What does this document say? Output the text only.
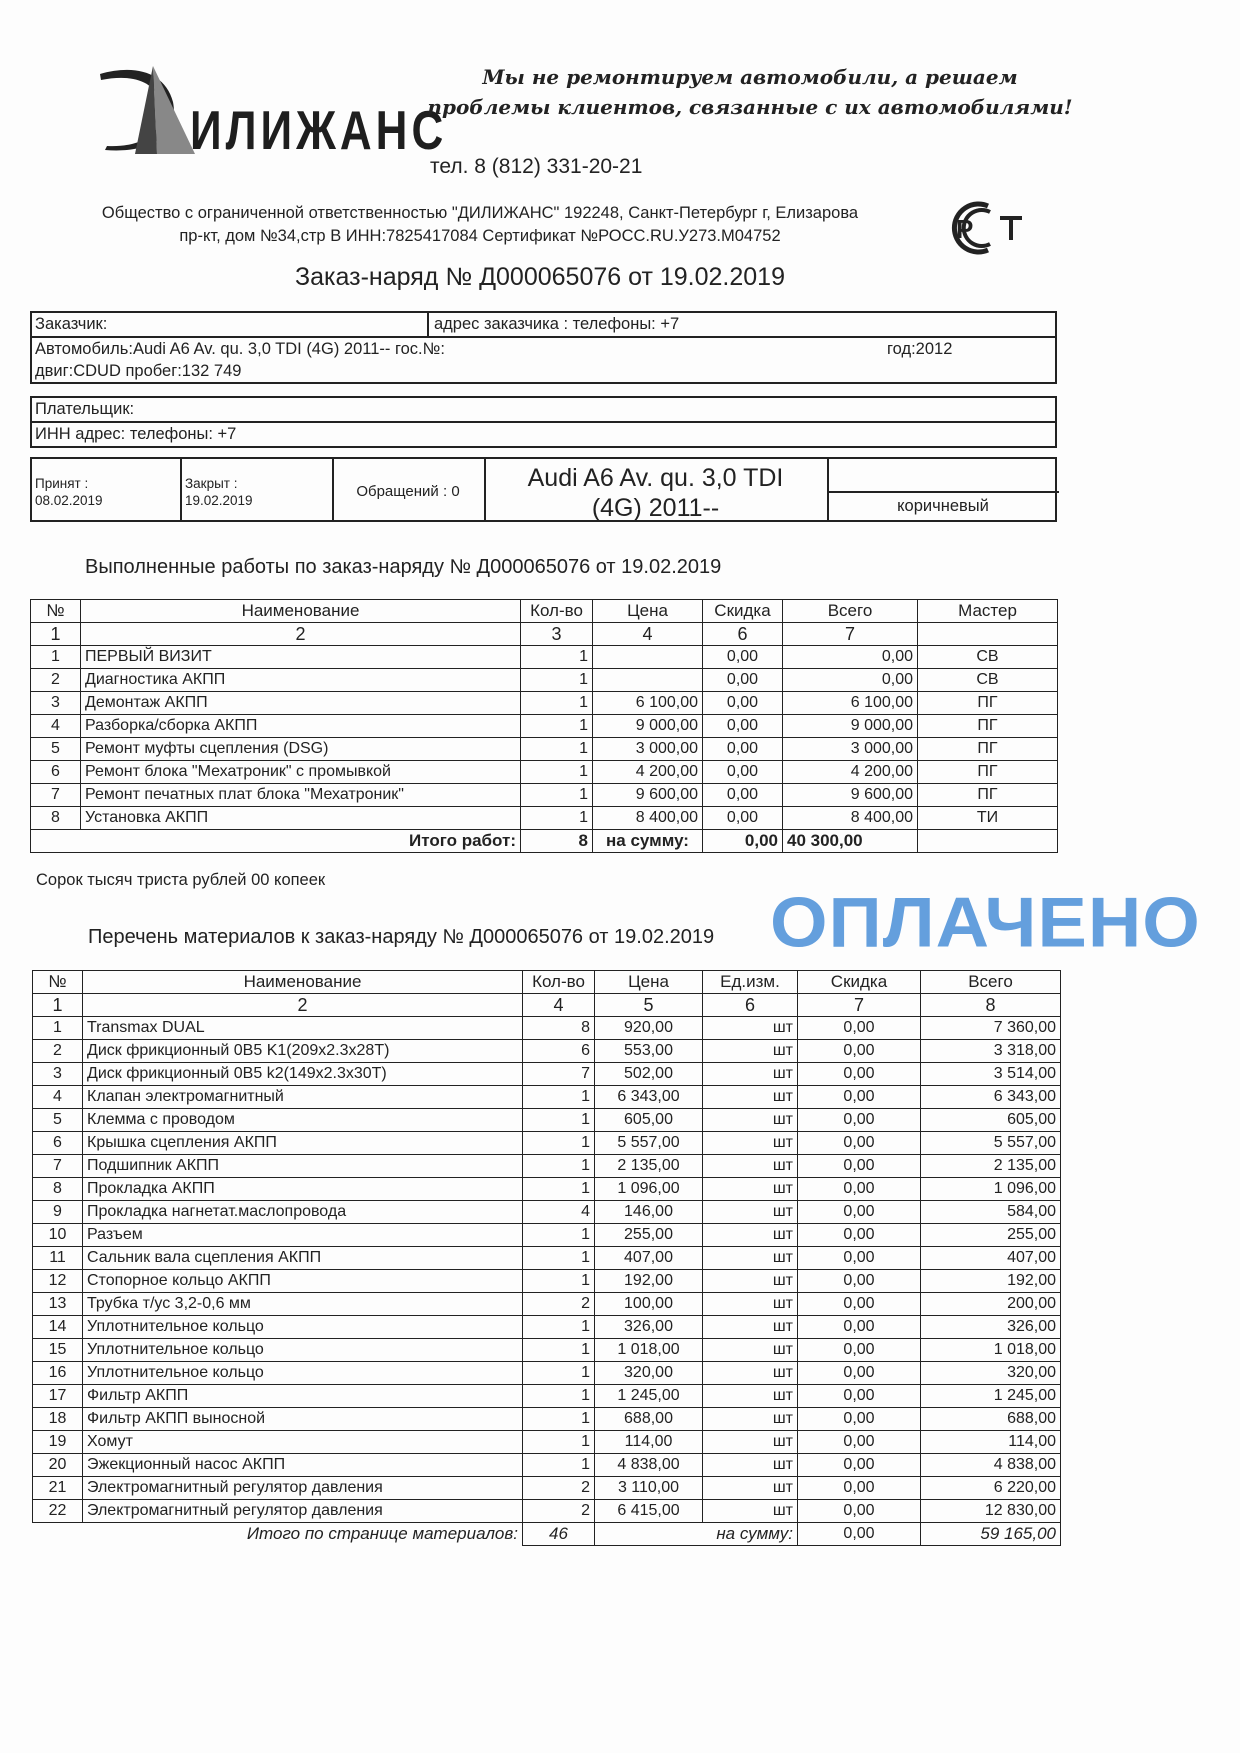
ИЛИЖАНС
Мы не ремонтируем автомобили, а решаем
проблемы клиентов, связанные с их автомобилями!
тел. 8 (812) 331-20-21
Общество с ограниченной ответственностью "ДИЛИЖАНС" 192248, Санкт-Петербург г, Елизарова
пр-кт, дом №34,стр В ИНН:7825417084 Сертификат №РОСС.RU.У273.М04752	Р
Заказ-наряд № Д000065076 от 19.02.2019
Заказчик:	адрес заказчика : телефоны: +7
Автомобиль:Audi A6 Av. qu. 3,0 TDI (4G) 2011-- гос.№:	год:2012
двиг:CDUD пробег:132 749
Плательщик:
ИНН адрес: телефоны: +7
Принят :
08.02.2019
Закрыт :
19.02.2019
Обращений : 0	Audi A6 Av. qu. 3,0 TDI
(4G) 2011--	коричневый
Выполненные работы по заказ-наряду № Д000065076 от 19.02.2019
№	Наименование	Кол-во	Цена	Скидка	Всего	Мастер
1	2	3	4	6	7	
1	ПЕРВЫЙ ВИЗИТ	1		0,00	0,00	СВ
2	Диагностика АКПП	1		0,00	0,00	СВ
3	Демонтаж АКПП	1	6 100,00	0,00	6 100,00	ПГ
4	Разборка/сборка АКПП	1	9 000,00	0,00	9 000,00	ПГ
5	Ремонт муфты сцепления (DSG)	1	3 000,00	0,00	3 000,00	ПГ
6	Ремонт блока "Мехатроник" с промывкой	1	4 200,00	0,00	4 200,00	ПГ
7	Ремонт печатных плат блока "Мехатроник"	1	9 600,00	0,00	9 600,00	ПГ
8	Установка АКПП	1	8 400,00	0,00	8 400,00	ТИ
Итого работ:		8	на сумму:	0,00	40 300,00	
Сорок тысяч триста рублей 00 копеек
ОПЛАЧЕНО
Перечень материалов к заказ-наряду № Д000065076 от 19.02.2019
№	Наименование	Кол-во	Цена	Ед.изм.	Скидка	Всего
1	2	4	5	6	7	8
1	Transmax DUAL	8	920,00	шт	0,00	7 360,00
2	Диск фрикционный 0B5 K1(209x2.3x28T)	6	553,00	шт	0,00	3 318,00
3	Диск фрикционный 0B5 k2(149x2.3x30T)	7	502,00	шт	0,00	3 514,00
4	Клапан электромагнитный	1	6 343,00	шт	0,00	6 343,00
5	Клемма с проводом	1	605,00	шт	0,00	605,00
6	Крышка сцепления АКПП	1	5 557,00	шт	0,00	5 557,00
7	Подшипник АКПП	1	2 135,00	шт	0,00	2 135,00
8	Прокладка АКПП	1	1 096,00	шт	0,00	1 096,00
9	Прокладка нагнетат.маслопровода	4	146,00	шт	0,00	584,00
10	Разъем	1	255,00	шт	0,00	255,00
11	Сальник вала сцепления АКПП	1	407,00	шт	0,00	407,00
12	Стопорное кольцо АКПП	1	192,00	шт	0,00	192,00
13	Трубка т/ус 3,2-0,6 мм	2	100,00	шт	0,00	200,00
14	Уплотнительное кольцо	1	326,00	шт	0,00	326,00
15	Уплотнительное кольцо	1	1 018,00	шт	0,00	1 018,00
16	Уплотнительное кольцо	1	320,00	шт	0,00	320,00
17	Фильтр АКПП	1	1 245,00	шт	0,00	1 245,00
18	Фильтр АКПП выносной	1	688,00	шт	0,00	688,00
19	Хомут	1	114,00	шт	0,00	114,00
20	Эжекционный насос АКПП	1	4 838,00	шт	0,00	4 838,00
21	Электромагнитный регулятор давления	2	3 110,00	шт	0,00	6 220,00
22	Электромагнитный регулятор давления	2	6 415,00	шт	0,00	12 830,00
Итого по странице материалов:		46	на сумму:		0,00	59 165,00
